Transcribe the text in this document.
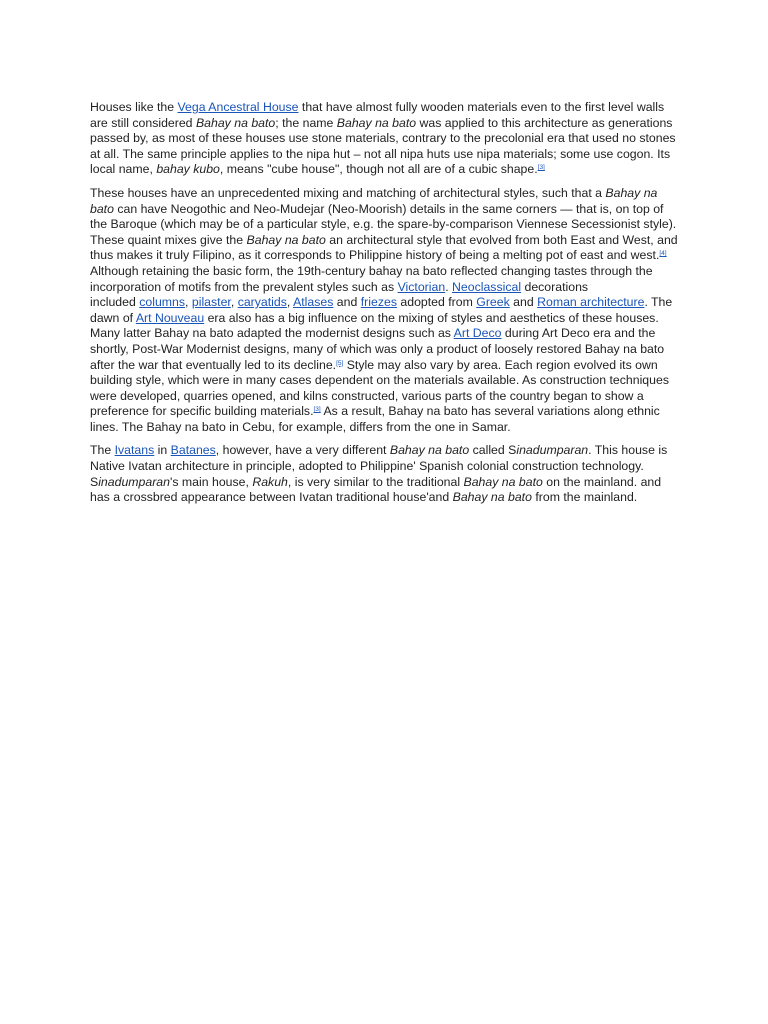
Houses like the Vega Ancestral House that have almost fully wooden materials even to the first level walls are still considered Bahay na bato; the name Bahay na bato was applied to this architecture as generations passed by, as most of these houses use stone materials, contrary to the precolonial era that used no stones at all. The same principle applies to the nipa hut – not all nipa huts use nipa materials; some use cogon. Its local name, bahay kubo, means "cube house", though not all are of a cubic shape.[3]

These houses have an unprecedented mixing and matching of architectural styles, such that a Bahay na bato can have Neogothic and Neo-Mudejar (Neo-Moorish) details in the same corners — that is, on top of the Baroque (which may be of a particular style, e.g. the spare-by-comparison Viennese Secessionist style). These quaint mixes give the Bahay na bato an architectural style that evolved from both East and West, and thus makes it truly Filipino, as it corresponds to Philippine history of being a melting pot of east and west.[4] Although retaining the basic form, the 19th-century bahay na bato reflected changing tastes through the incorporation of motifs from the prevalent styles such as Victorian. Neoclassical decorations
included columns, pilaster, caryatids, Atlases and friezes adopted from Greek and Roman architecture. The dawn of Art Nouveau era also has a big influence on the mixing of styles and aesthetics of these houses. Many latter Bahay na bato adapted the modernist designs such as Art Deco during Art Deco era and the shortly, Post-War Modernist designs, many of which was only a product of loosely restored Bahay na bato after the war that eventually led to its decline.[5] Style may also vary by area. Each region evolved its own building style, which were in many cases dependent on the materials available. As construction techniques were developed, quarries opened, and kilns constructed, various parts of the country began to show a preference for specific building materials.[3] As a result, Bahay na bato has several variations along ethnic lines. The Bahay na bato in Cebu, for example, differs from the one in Samar.

The Ivatans in Batanes, however, have a very different Bahay na bato called Sinadumparan. This house is Native Ivatan architecture in principle, adopted to Philippine' Spanish colonial construction technology. Sinadumparan's main house, Rakuh, is very similar to the traditional Bahay na bato on the mainland. and has a crossbred appearance between Ivatan traditional house'and Bahay na bato from the mainland.
